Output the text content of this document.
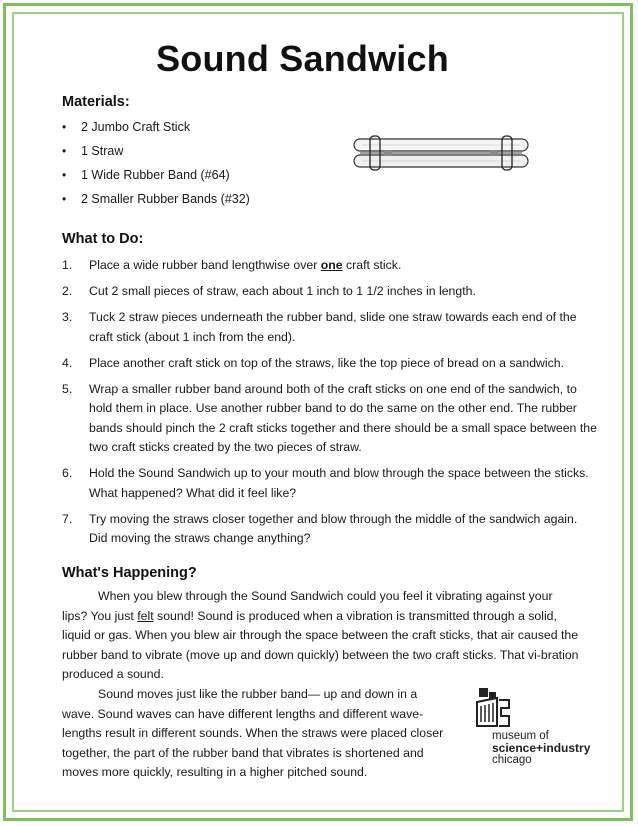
Sound Sandwich
Materials:
• 2 Jumbo Craft Stick
• 1 Straw
• 1 Wide Rubber Band (#64)
• 2 Smaller Rubber Bands (#32)
What to Do:
1. Place a wide rubber band lengthwise over one craft stick.
2. Cut 2 small pieces of straw, each about 1 inch to 1 1/2 inches in length.
3. Tuck 2 straw pieces underneath the rubber band, slide one straw towards each end of the craft stick (about 1 inch from the end).
4. Place another craft stick on top of the straws, like the top piece of bread on a sandwich.
5. Wrap a smaller rubber band around both of the craft sticks on one end of the sandwich, to hold them in place. Use another rubber band to do the same on the other end. The rubber bands should pinch the 2 craft sticks together and there should be a small space between the two craft sticks created by the two pieces of straw.
6. Hold the Sound Sandwich up to your mouth and blow through the space between the sticks. What happened? What did it feel like?
7. Try moving the straws closer together and blow through the middle of the sandwich again. Did moving the straws change anything?
What's Happening?

When you blew through the Sound Sandwich could you feel it vibrating against your lips? You just felt sound! Sound is produced when a vibration is transmitted through a solid, liquid or gas. When you blew air through the space between the craft sticks, that air caused the rubber band to vibrate (move up and down quickly) between the two craft sticks. That vi-bration produced a sound.

Sound moves just like the rubber band— up and down in a wave. Sound waves can have different lengths and different wave-lengths result in different sounds. When the straws were placed closer together, the part of the rubber band that vibrates is shortened and moves more quickly, resulting in a higher pitched sound.

museum of
science+industry
chicago
